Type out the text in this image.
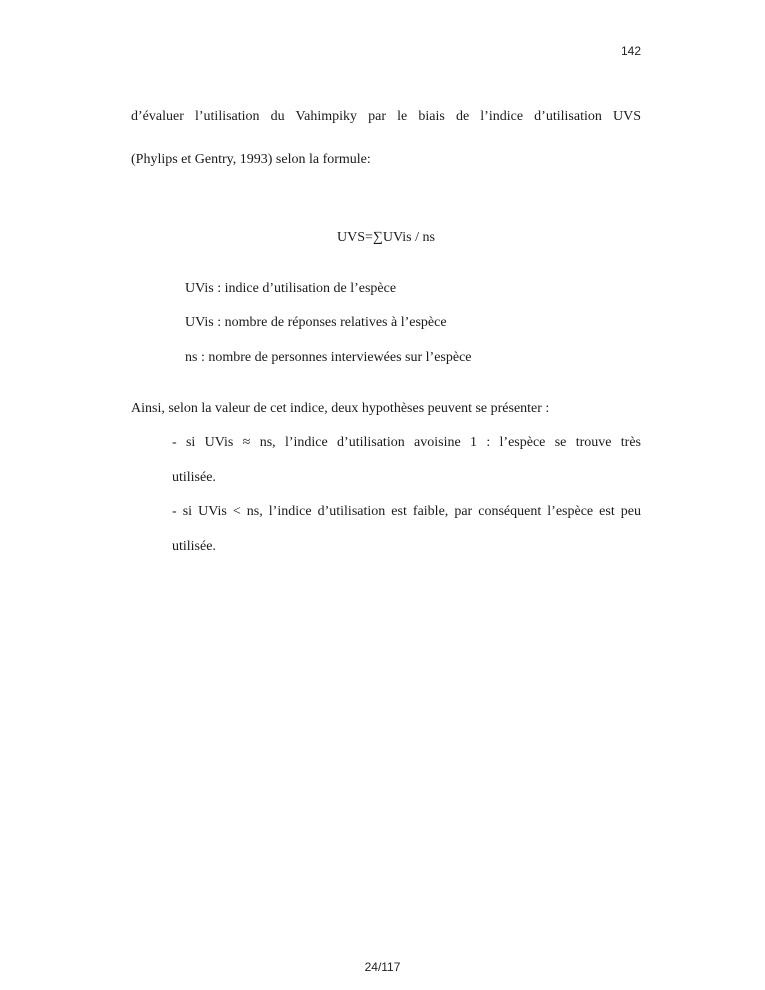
142
d’évaluer l’utilisation du Vahimpiky par le biais de l’indice d’utilisation UVS
(Phylips et Gentry, 1993) selon la formule:
UVS=∑UVis / ns
UVis : indice d’utilisation de l’espèce
UVis : nombre de réponses relatives à l’espèce
ns : nombre de personnes interviewées sur l’espèce
Ainsi, selon la valeur de cet indice, deux hypothèses peuvent se présenter :
- si UVis ≈ ns, l’indice d’utilisation avoisine 1 : l’espèce se trouve très
utilisée.
- si UVis < ns, l’indice d’utilisation est faible, par conséquent l’espèce est peu
utilisée.
24/117
